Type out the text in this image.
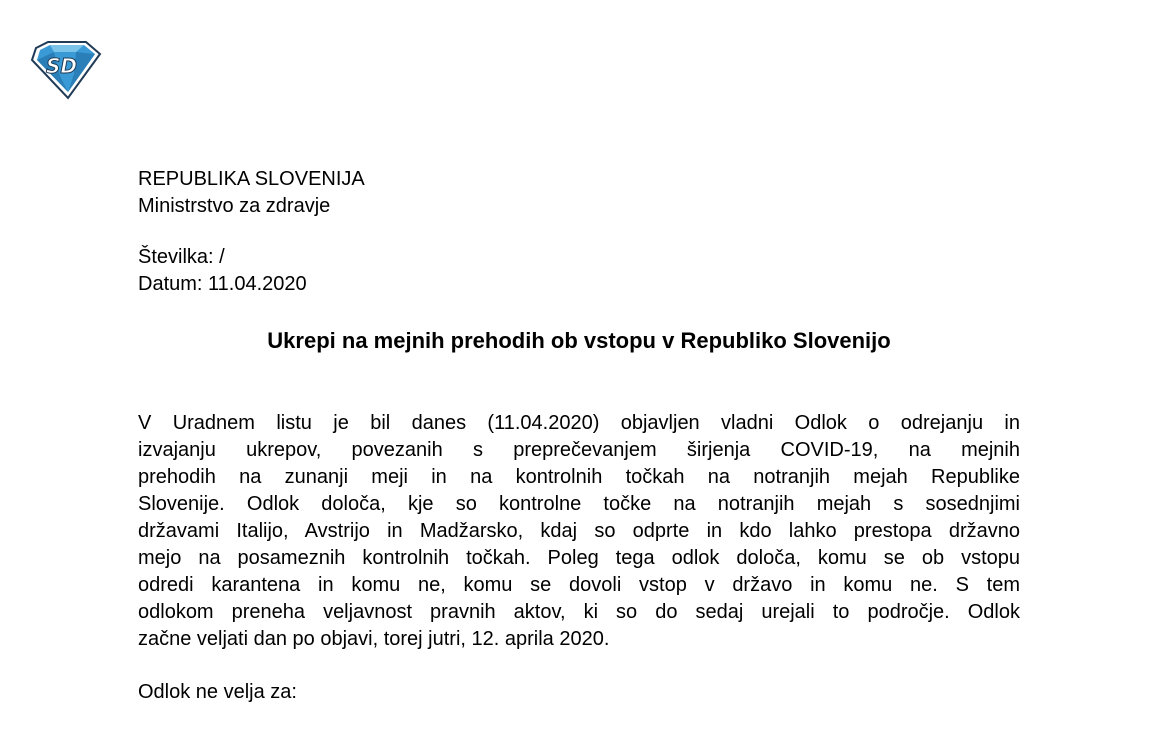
SD
REPUBLIKA SLOVENIJA
Ministrstvo za zdravje
Številka: /
Datum: 11.04.2020
Ukrepi na mejnih prehodih ob vstopu v Republiko Slovenijo
V Uradnem listu je bil danes (11.04.2020) objavljen vladni Odlok o odrejanju in
izvajanju ukrepov, povezanih s preprečevanjem širjenja COVID-19, na mejnih
prehodih na zunanji meji in na kontrolnih točkah na notranjih mejah Republike
Slovenije. Odlok določa, kje so kontrolne točke na notranjih mejah s sosednjimi
državami Italijo, Avstrijo in Madžarsko, kdaj so odprte in kdo lahko prestopa državno
mejo na posameznih kontrolnih točkah. Poleg tega odlok določa, komu se ob vstopu
odredi karantena in komu ne, komu se dovoli vstop v državo in komu ne. S tem
odlokom preneha veljavnost pravnih aktov, ki so do sedaj urejali to področje. Odlok
začne veljati dan po objavi, torej jutri, 12. aprila 2020.
Odlok ne velja za:
